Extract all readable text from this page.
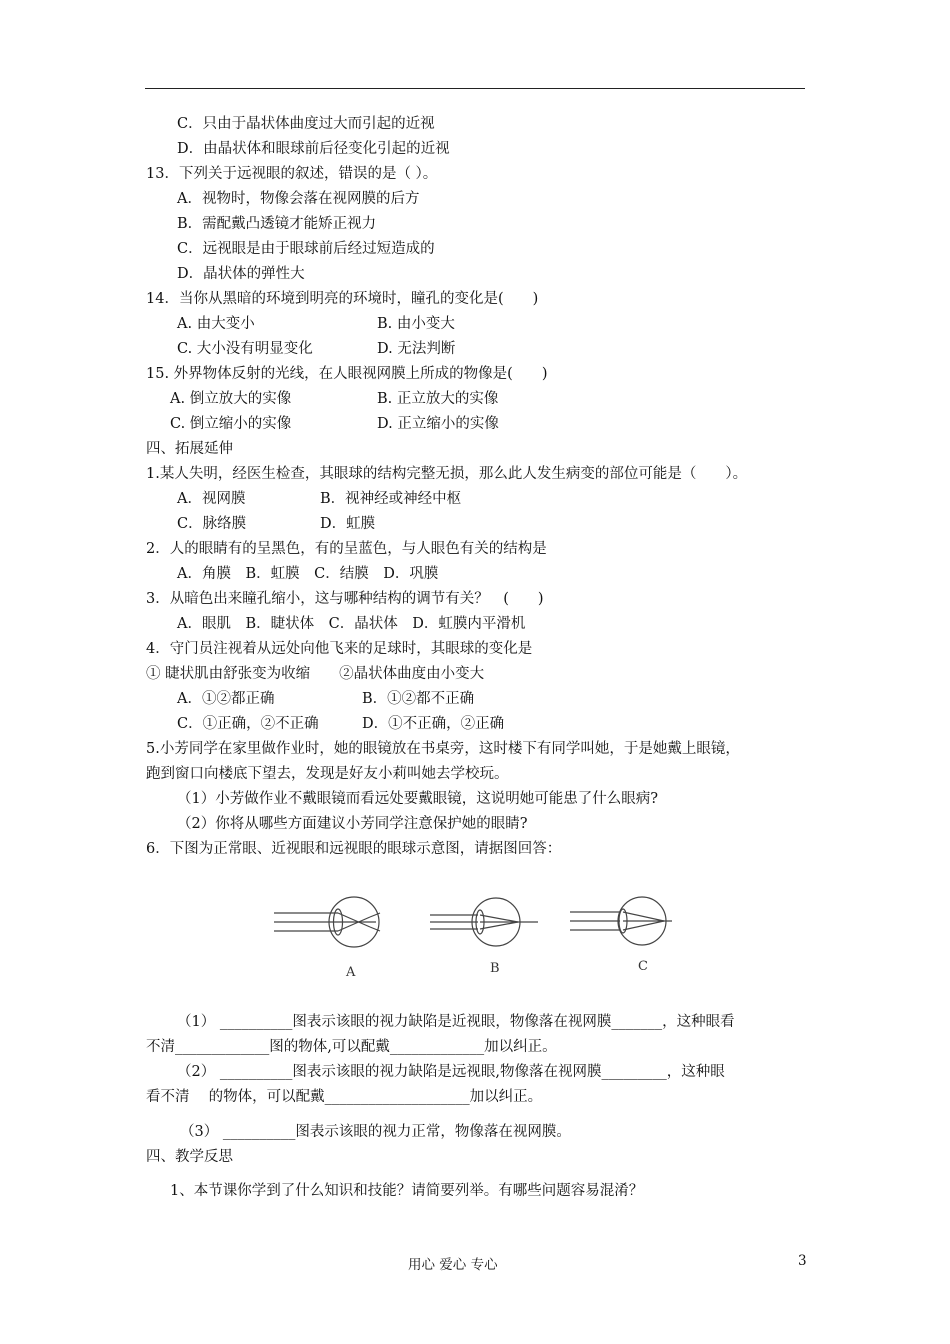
C．只由于晶状体曲度过大而引起的近视
D．由晶状体和眼球前后径变化引起的近视
13．下列关于远视眼的叙述，错误的是（ ）。
A．视物时，物像会落在视网膜的后方
B．需配戴凸透镜才能矫正视力
C．远视眼是由于眼球前后经过短造成的
D．晶状体的弹性大
14．当你从黑暗的环境到明亮的环境时，瞳孔的变化是(　　)
A. 由大变小	B. 由小变大
C. 大小没有明显变化	D. 无法判断
15. 外界物体反射的光线，在人眼视网膜上所成的物像是(　　)
A. 倒立放大的实像	B. 正立放大的实像
C. 倒立缩小的实像	D. 正立缩小的实像
四、拓展延伸
1.某人失明，经医生检查，其眼球的结构完整无损，那么此人发生病变的部位可能是（　　）。
A．视网膜	B．视神经或神经中枢
C．脉络膜	D．虹膜
2．人的眼睛有的呈黑色，有的呈蓝色，与人眼色有关的结构是
A．角膜　B．虹膜　C．结膜　D．巩膜
3．从暗色出来瞳孔缩小，这与哪种结构的调节有关？　(　　)
A．眼肌　B．睫状体　C．晶状体　D．虹膜内平滑机
4．守门员注视着从远处向他飞来的足球时，其眼球的变化是
① 睫状肌由舒张变为收缩　　②晶状体曲度由小变大
A．①②都正确	B．①②都不正确
C．①正确，②不正确	D．①不正确，②正确
5.小芳同学在家里做作业时，她的眼镜放在书桌旁，这时楼下有同学叫她，于是她戴上眼镜，
跑到窗口向楼底下望去，发现是好友小莉叫她去学校玩。
（1）小芳做作业不戴眼镜而看远处要戴眼镜，这说明她可能患了什么眼病?
（2）你将从哪些方面建议小芳同学注意保护她的眼睛?
6．下图为正常眼、近视眼和远视眼的眼球示意图，请据图回答：
（1） __________图表示该眼的视力缺陷是近视眼，物像落在视网膜_______，这种眼看
不清_____________图的物体,可以配戴_____________加以纠正。
（2） __________图表示该眼的视力缺陷是远视眼,物像落在视网膜_________，这种眼
看不清　 的物体，可以配戴____________________加以纠正。
（3） __________图表示该眼的视力正常，物像落在视网膜。
四、教学反思
1、本节课你学到了什么知识和技能？请简要列举。有哪些问题容易混淆？
A	B	C
用心 爱心 专心	3
